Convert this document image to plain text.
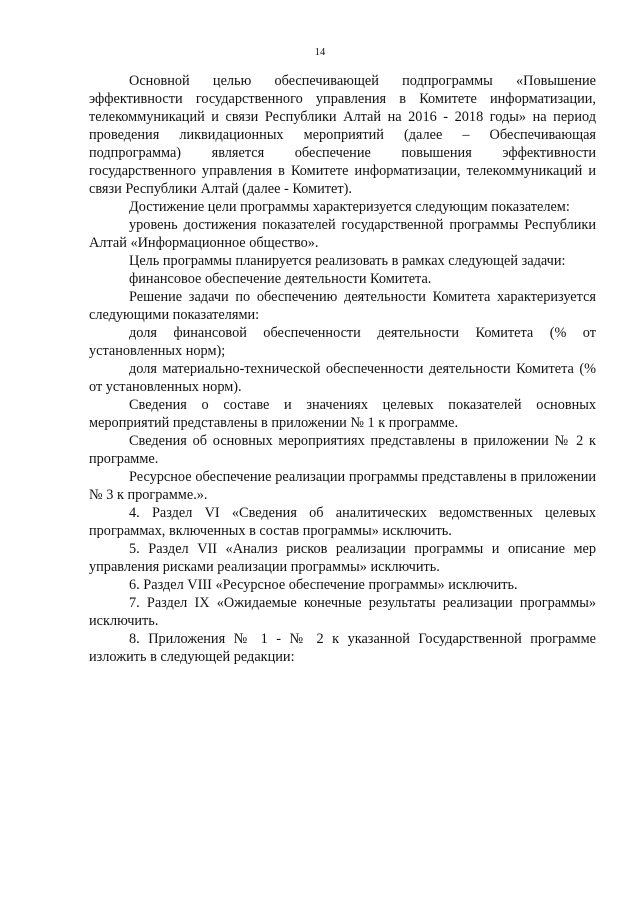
14

Основной целью обеспечивающей подпрограммы «Повышение эффективности государственного управления в Комитете информатизации, телекоммуникаций и связи Республики Алтай на 2016 - 2018 годы» на период проведения ликвидационных мероприятий (далее – Обеспечивающая подпрограмма) является обеспечение повышения эффективности государственного управления в Комитете информатизации, телекоммуникаций и связи Республики Алтай (далее - Комитет).

Достижение цели программы характеризуется следующим показателем:

уровень достижения показателей государственной программы Республики Алтай «Информационное общество».

Цель программы планируется реализовать в рамках следующей задачи:

финансовое обеспечение деятельности Комитета.

Решение задачи по обеспечению деятельности Комитета характеризуется следующими показателями:

доля финансовой обеспеченности деятельности Комитета (% от установленных норм);

доля материально-технической обеспеченности деятельности Комитета (% от установленных норм).

Сведения о составе и значениях целевых показателей основных мероприятий представлены в приложении № 1 к программе.

Сведения об основных мероприятиях представлены в приложении № 2 к программе.

Ресурсное обеспечение реализации программы представлены в приложении № 3 к программе.».

4. Раздел VI «Сведения об аналитических ведомственных целевых программах, включенных в состав программы» исключить.

5. Раздел VII «Анализ рисков реализации программы и описание мер управления рисками реализации программы» исключить.

6. Раздел VIII «Ресурсное обеспечение программы» исключить.

7. Раздел IX «Ожидаемые конечные результаты реализации программы» исключить.

8. Приложения № 1 - № 2 к указанной Государственной программе изложить в следующей редакции:
